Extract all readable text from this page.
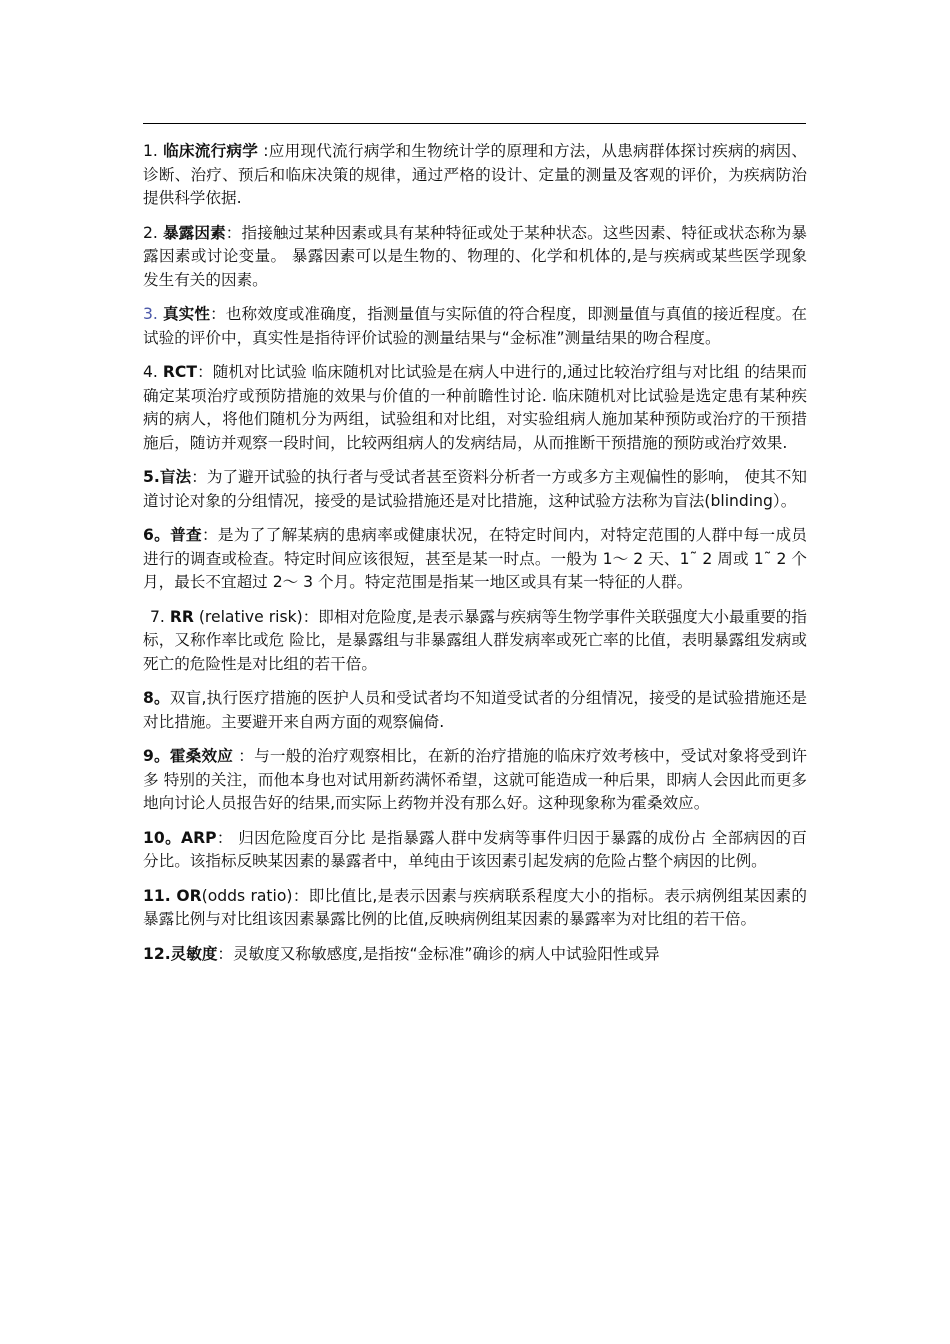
1. 临床流行病学 :应用现代流行病学和生物统计学的原理和方法，从患病群体探讨疾病的病因、 诊断、治疗、预后和临床决策的规律，通过严格的设计、定量的测量及客观的评价，为疾病防治提供科学依据.

2. 暴露因素：指接触过某种因素或具有某种特征或处于某种状态。这些因素、特征或状态称为暴露因素或讨论变量。 暴露因素可以是生物的、物理的、化学和机体的,是与疾病或某些医学现象发生有关的因素。

3. 真实性：也称效度或准确度，指测量值与实际值的符合程度，即测量值与真值的接近程度。在试验的评价中，真实性是指待评价试验的测量结果与“金标准”测量结果的吻合程度。

4. RCT：随机对比试验 临床随机对比试验是在病人中进行的,通过比较治疗组与对比组 的结果而确定某项治疗或预防措施的效果与价值的一种前瞻性讨论. 临床随机对比试验是选定患有某种疾病的病人，将他们随机分为两组，试验组和对比组，对实验组病人施加某种预防或治疗的干预措施后，随访并观察一段时间，比较两组病人的发病结局，从而推断干预措施的预防或治疗效果.

5.盲法：为了避开试验的执行者与受试者甚至资料分析者一方或多方主观偏性的影响， 使其不知道讨论对象的分组情况，接受的是试验措施还是对比措施，这种试验方法称为盲法(blinding）。

6。普查：是为了了解某病的患病率或健康状况，在特定时间内，对特定范围的人群中每一成员进行的调查或检查。特定时间应该很短，甚至是某一时点。一般为 1～ 2 天、1˜ 2 周或 1˜ 2 个月，最长不宜超过 2～ 3 个月。特定范围是指某一地区或具有某一特征的人群。

7. RR (relative risk)：即相对危险度,是表示暴露与疾病等生物学事件关联强度大小最重要的指标，又称作率比或危 险比，是暴露组与非暴露组人群发病率或死亡率的比值，表明暴露组发病或死亡的危险性是对比组的若干倍。

8。双盲,执行医疗措施的医护人员和受试者均不知道受试者的分组情况，接受的是试验措施还是对比措施。主要避开来自两方面的观察偏倚.

9。霍桑效应 ：与一般的治疗观察相比，在新的治疗措施的临床疗效考核中，受试对象将受到许多 特别的关注，而他本身也对试用新药满怀希望，这就可能造成一种后果，即病人会因此而更多地向讨论人员报告好的结果,而实际上药物并没有那么好。这种现象称为霍桑效应。

10。ARP： 归因危险度百分比 是指暴露人群中发病等事件归因于暴露的成份占 全部病因的百分比。该指标反映某因素的暴露者中，单纯由于该因素引起发病的危险占整个病因的比例。

11. OR(odds ratio)：即比值比,是表示因素与疾病联系程度大小的指标。表示病例组某因素的暴露比例与对比组该因素暴露比例的比值,反映病例组某因素的暴露率为对比组的若干倍。

12.灵敏度：灵敏度又称敏感度,是指按“金标准”确诊的病人中试验阳性或异
